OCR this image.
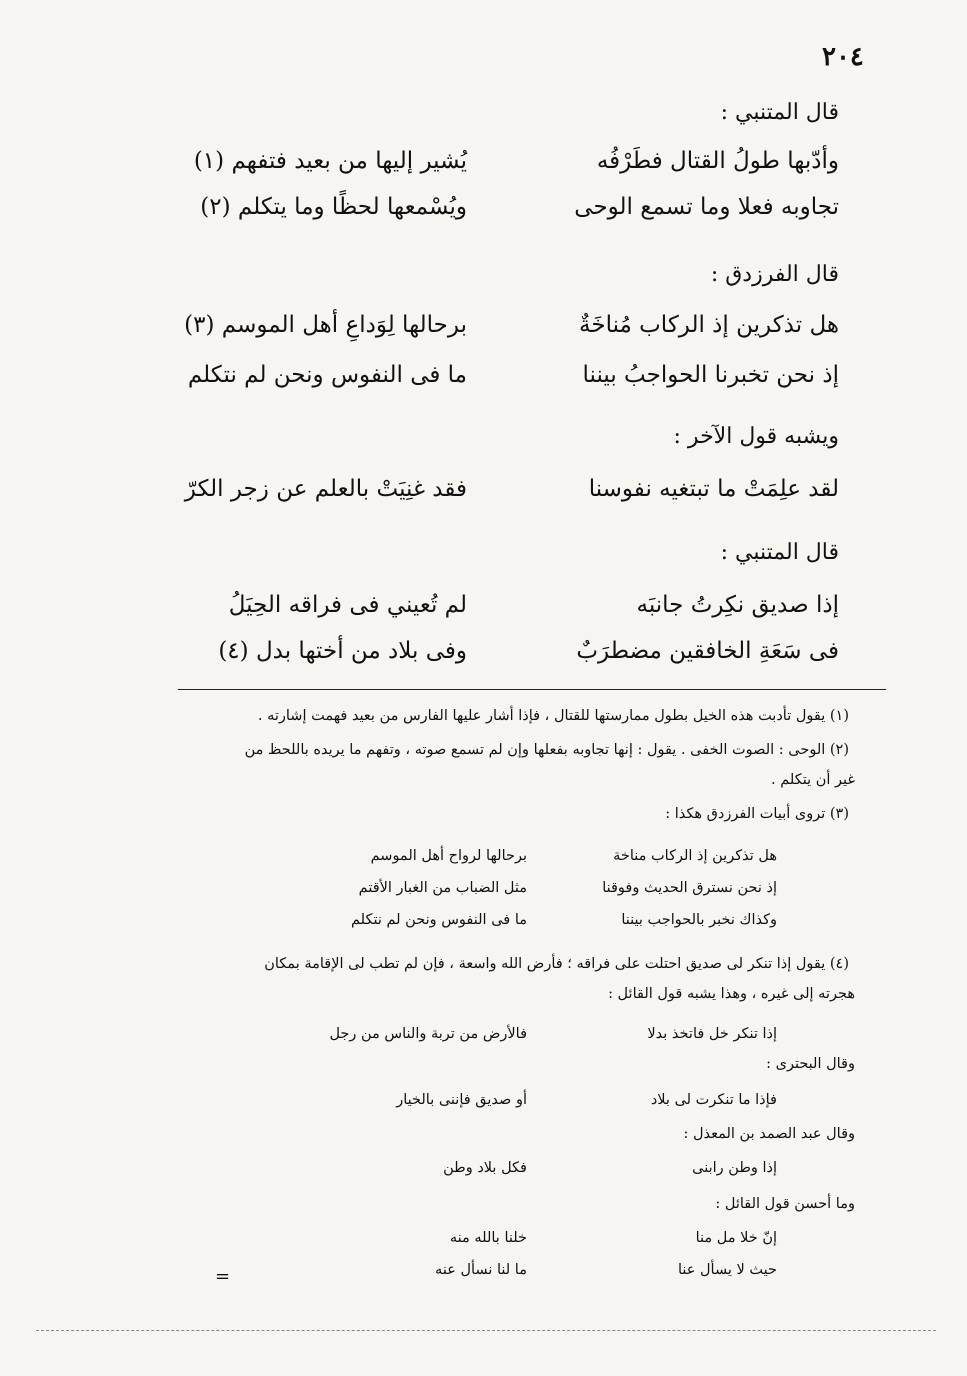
٢٠٤
قال المتنبي :
وأدّبها طولُ القتال فطَرْفُه
يُشير إليها من بعيد فتفهم (١)
تجاوبه فعلا وما تسمع الوحى
ويُسْمعها لحظًا وما يتكلم (٢)
قال الفرزدق :
هل تذكرين إذ الركاب مُناخَةٌ
برحالها لِوَداعِ أهل الموسم (٣)
إذ نحن تخبرنا الحواجبُ بيننا
ما فى النفوس ونحن لم نتكلم
ويشبه قول الآخر :
لقد علِمَتْ ما تبتغيه نفوسنا
فقد غنِيَتْ بالعلم عن زجر الكرّ
قال المتنبي :
إذا صديق نكِرتُ جانبَه
لم تُعيني فى فراقه الحِيَلُ
فى سَعَةِ الخافقين مضطرَبٌ
وفى بلاد من أختها بدل (٤)
(١) يقول تأدبت هذه الخيل بطول ممارستها للقتال ، فإذا أشار عليها الفارس من بعيد فهمت إشارته .
(٢) الوحى : الصوت الخفى . يقول : إنها تجاوبه بفعلها وإن لم تسمع صوته ، وتفهم ما يريده باللحظ من
غير أن يتكلم .
(٣) تروى أبيات الفرزدق هكذا :
هل تذكرين إذ الركاب مناخة
برحالها لرواح أهل الموسم
إذ نحن نسترق الحديث وفوقنا
مثل الضباب من الغبار الأقتم
وكذاك نخبر بالحواجب بيننا
ما فى النفوس ونحن لم نتكلم
(٤) يقول إذا تنكر لى صديق احتلت على فراقه ؛ فأرض الله واسعة ، فإن لم تطب لى الإقامة بمكان
هجرته إلى غيره ، وهذا يشبه قول القائل :
إذا تنكر خل فاتخذ بدلا
فالأرض من تربة والناس من رجل
وقال البحترى :
فإذا ما تنكرت لى بلاد
أو صديق فإننى بالخيار
وقال عبد الصمد بن المعذل :
إذا وطن رابنى
فكل بلاد وطن
وما أحسن قول القائل :
إنّ خلا مل منا
خلنا بالله منه
حيث لا يسأل عنا
ما لنا نسأل عنه
=
